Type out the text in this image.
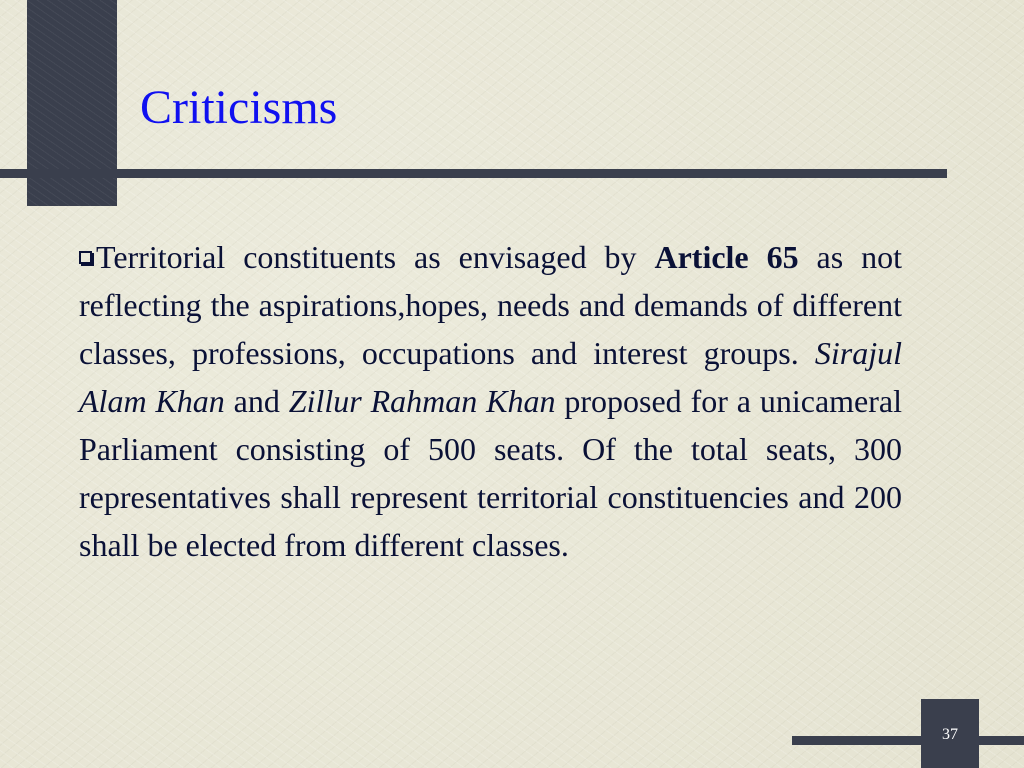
Criticisms

Territorial constituents as envisaged by Article 65 as not reflecting the aspirations,hopes, needs and demands of different classes, professions, occupations and interest groups. Sirajul Alam Khan and Zillur Rahman Khan proposed for a unicameral Parliament consisting of 500 seats. Of the total seats, 300 representatives shall represent territorial constituencies and 200 shall be elected from different classes.

37
